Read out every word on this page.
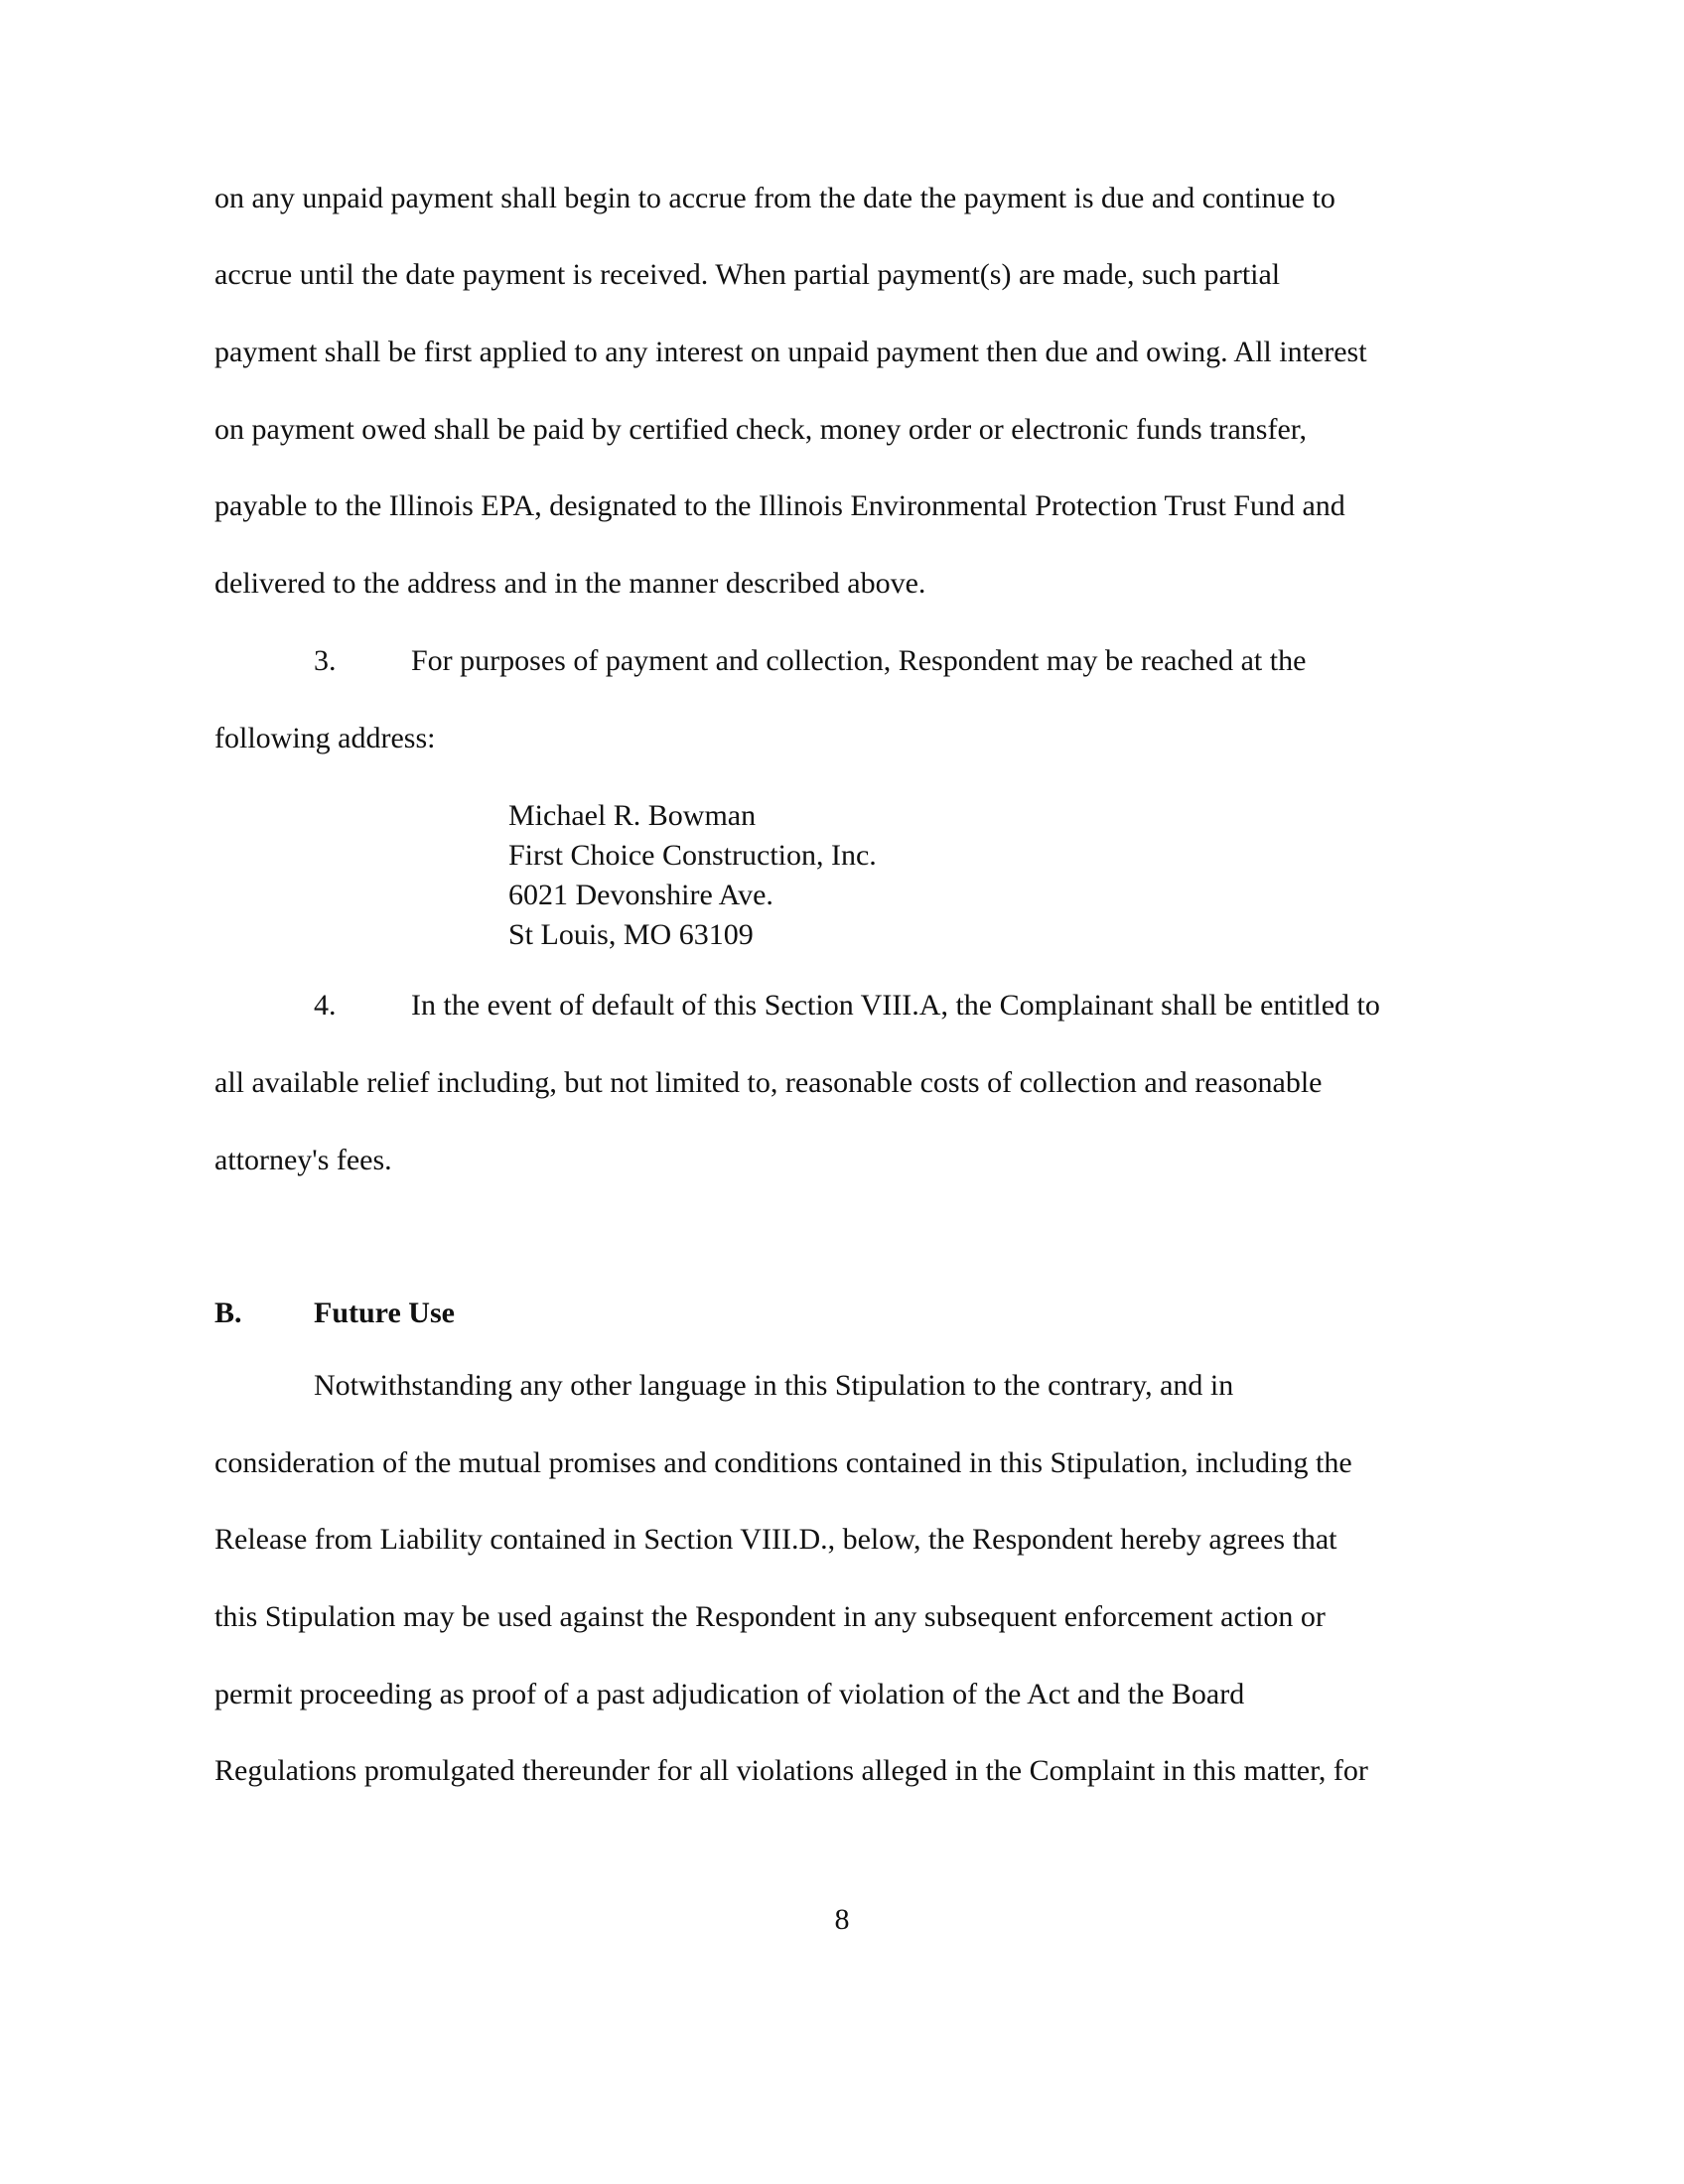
on any unpaid payment shall begin to accrue from the date the payment is due and continue to
accrue until the date payment is received. When partial payment(s) are made, such partial
payment shall be first applied to any interest on unpaid payment then due and owing. All interest
on payment owed shall be paid by certified check, money order or electronic funds transfer,
payable to the Illinois EPA, designated to the Illinois Environmental Protection Trust Fund and
delivered to the address and in the manner described above.
3.	For purposes of payment and collection, Respondent may be reached at the
following address:
Michael R. Bowman
First Choice Construction, Inc.
6021 Devonshire Ave.
St Louis, MO 63109
4.	In the event of default of this Section VIII.A, the Complainant shall be entitled to
all available relief including, but not limited to, reasonable costs of collection and reasonable
attorney's fees.
B. Future Use
Notwithstanding any other language in this Stipulation to the contrary, and in
consideration of the mutual promises and conditions contained in this Stipulation, including the
Release from Liability contained in Section VIII.D., below, the Respondent hereby agrees that
this Stipulation may be used against the Respondent in any subsequent enforcement action or
permit proceeding as proof of a past adjudication of violation of the Act and the Board
Regulations promulgated thereunder for all violations alleged in the Complaint in this matter, for
8
